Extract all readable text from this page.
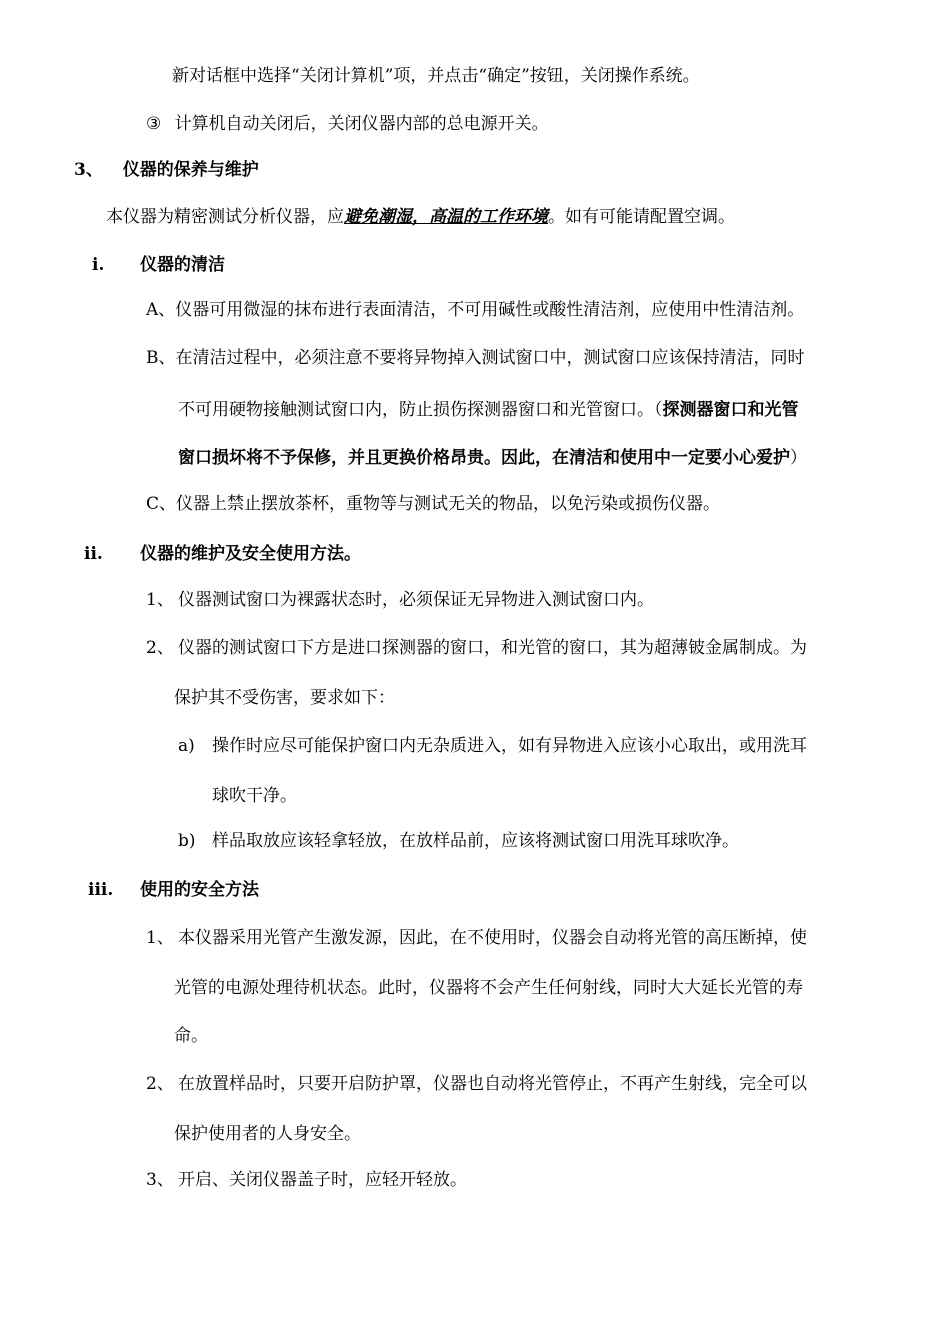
新对话框中选择“关闭计算机”项，并点击“确定”按钮，关闭操作系统。
③ 计算机自动关闭后，关闭仪器内部的总电源开关。
3、 仪器的保养与维护
本仪器为精密测试分析仪器，应避免潮湿，高温的工作环境。如有可能请配置空调。
i. 仪器的清洁
A、仪器可用微湿的抹布进行表面清洁，不可用碱性或酸性清洁剂，应使用中性清洁剂。
B、在清洁过程中，必须注意不要将异物掉入测试窗口中，测试窗口应该保持清洁，同时
不可用硬物接触测试窗口内，防止损伤探测器窗口和光管窗口。（探测器窗口和光管
窗口损坏将不予保修，并且更换价格昂贵。因此，在清洁和使用中一定要小心爱护）
C、仪器上禁止摆放茶杯，重物等与测试无关的物品，以免污染或损伤仪器。
ii. 仪器的维护及安全使用方法。
1、 仪器测试窗口为裸露状态时，必须保证无异物进入测试窗口内。
2、 仪器的测试窗口下方是进口探测器的窗口，和光管的窗口，其为超薄铍金属制成。为
保护其不受伤害，要求如下：
a) 操作时应尽可能保护窗口内无杂质进入，如有异物进入应该小心取出，或用洗耳
球吹干净。
b) 样品取放应该轻拿轻放，在放样品前，应该将测试窗口用洗耳球吹净。
iii. 使用的安全方法
1、 本仪器采用光管产生激发源，因此，在不使用时，仪器会自动将光管的高压断掉，使
光管的电源处理待机状态。此时，仪器将不会产生任何射线，同时大大延长光管的寿
命。
2、 在放置样品时，只要开启防护罩，仪器也自动将光管停止，不再产生射线，完全可以
保护使用者的人身安全。
3、 开启、关闭仪器盖子时，应轻开轻放。
